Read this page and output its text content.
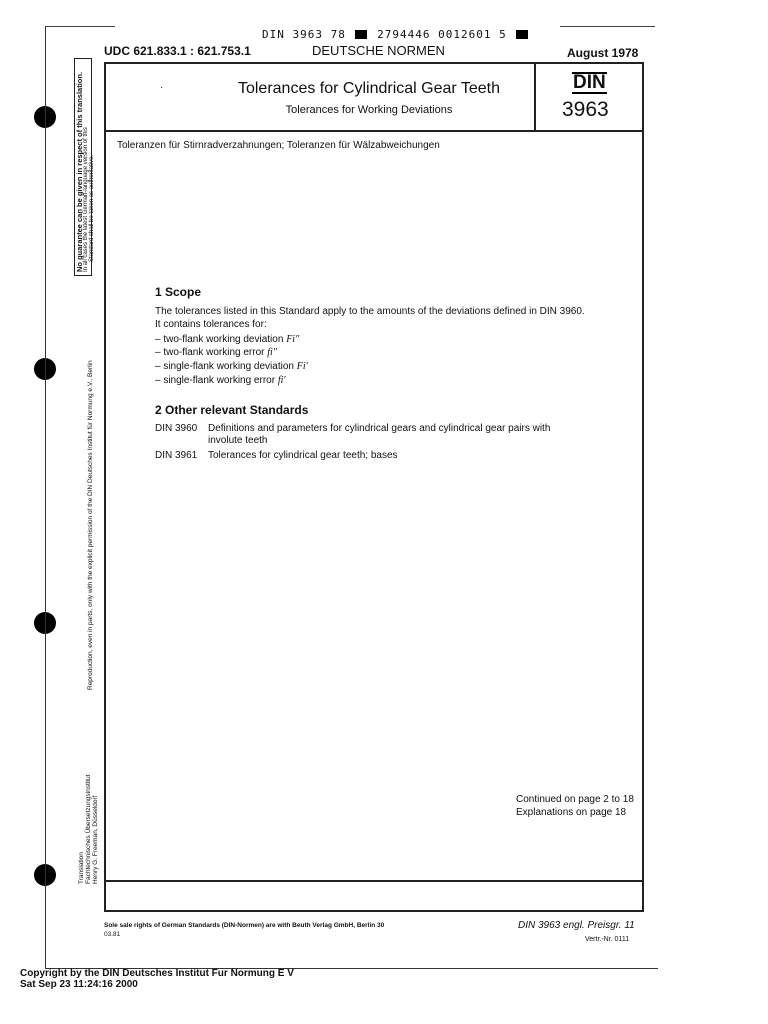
DIN 3963 78	2794446 0012601 5
UDC 621.833.1 : 621.753.1	DEUTSCHE NORMEN	August 1978
No guarantee can be given in respect of this translation. In all cases the latest German-language version of this Standard shall be taken as authoritative.
Reproduction, even in parts, only with the explicit permission of the DIN Deutsches Institut für Normung e.V., Berlin
Translation Fachtechnisches Übersetzungsinstitut Henry G. Freeman, Düsseldorf
·	Tolerances for Cylindrical Gear Teeth
Tolerances for Working Deviations
DIN
3963
Toleranzen für Stirnradverzahnungen; Toleranzen für Wälzabweichungen
1 Scope
The tolerances listed in this Standard apply to the amounts of the deviations defined in DIN 3960.
It contains tolerances for:
– two-flank working deviation Fi″
– two-flank working error fi″
– single-flank working deviation Fi′
– single-flank working error fi′
2 Other relevant Standards
DIN 3960 Definitions and parameters for cylindrical gears and cylindrical gear pairs with
involute teeth
DIN 3961 Tolerances for cylindrical gear teeth; bases
Continued on page 2 to 18
Explanations on page 18
Sole sale rights of German Standards (DIN-Normen) are with Beuth Verlag GmbH, Berlin 30
03.81
DIN 3963 engl. Preisgr. 11
Vertr.-Nr. 0111
Copyright by the DIN Deutsches Institut Fur Normung E V
Sat Sep 23 11:24:16 2000
